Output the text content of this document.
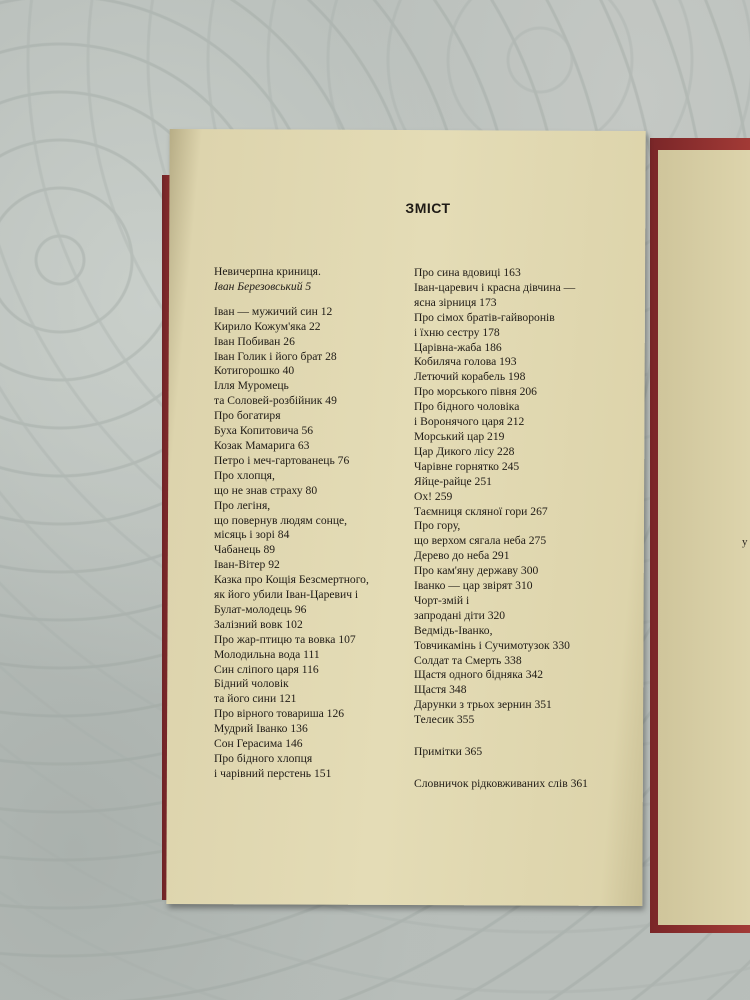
у
ЗМІСТ
Невичерпна криниця.
Іван Березовський 5
Іван — мужичий син 12
Кирило Кожум'яка 22
Іван Побиван 26
Іван Голик і його брат 28
Котигорошко 40
Ілля Муромець
та Соловей-розбійник 49
Про богатиря
Буха Копитовича 56
Козак Мамарига 63
Петро і меч-гартованець 76
Про хлопця,
що не знав страху 80
Про легіня,
що повернув людям сонце,
місяць і зорі 84
Чабанець 89
Іван-Вітер 92
Казка про Кощія Безсмертного,
як його убили Іван-Царевич і
Булат-молодець 96
Залізний вовк 102
Про жар-птицю та вовка 107
Молодильна вода 111
Син сліпого царя 116
Бідний чоловік
та його сини 121
Про вірного товариша 126
Мудрий Іванко 136
Сон Герасима 146
Про бідного хлопця
і чарівний перстень 151
Про сина вдовиці 163
Іван-царевич і красна дівчина —
ясна зірниця 173
Про сімох братів-гайворонів
і їхню сестру 178
Царівна-жаба 186
Кобиляча голова 193
Летючий корабель 198
Про морського півня 206
Про бідного чоловіка
і Воронячого царя 212
Морський цар 219
Цар Дикого лісу 228
Чарівне горнятко 245
Яйце-райце 251
Ох! 259
Таємниця скляної гори 267
Про гору,
що верхом сягала неба 275
Дерево до неба 291
Про кам'яну державу 300
Іванко — цар звірят 310
Чорт-змій і
запродані діти 320
Ведмідь-Іванко,
Товчикамінь і Сучимотузок 330
Солдат та Смерть 338
Щастя одного бідняка 342
Щастя 348
Дарунки з трьох зернин 351
Телесик 355
Примітки 365
Словничок рідковживаних слів 361
